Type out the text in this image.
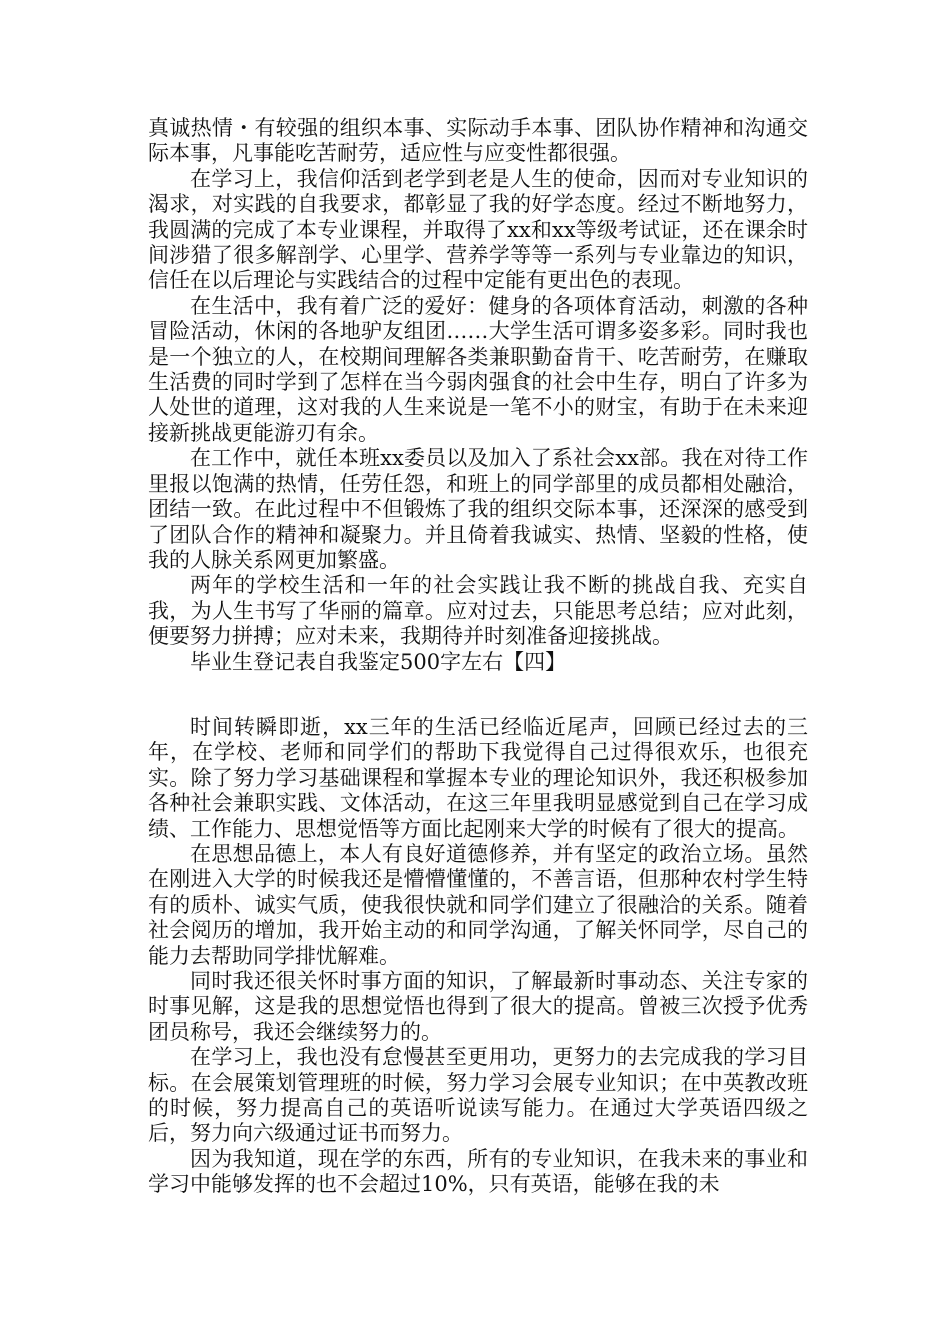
真诚热情・有较强的组织本事、实际动手本事、团队协作精神和沟通交际本事，凡事能吃苦耐劳，适应性与应变性都很强。

在学习上，我信仰活到老学到老是人生的使命，因而对专业知识的渴求，对实践的自我要求，都彰显了我的好学态度。经过不断地努力，我圆满的完成了本专业课程，并取得了xx和xx等级考试证，还在课余时间涉猎了很多解剖学、心里学、营养学等等一系列与专业靠边的知识，信任在以后理论与实践结合的过程中定能有更出色的表现。

在生活中，我有着广泛的爱好：健身的各项体育活动，刺激的各种冒险活动，休闲的各地驴友组团……大学生活可谓多姿多彩。同时我也是一个独立的人，在校期间理解各类兼职勤奋肯干、吃苦耐劳，在赚取生活费的同时学到了怎样在当今弱肉强食的社会中生存，明白了许多为人处世的道理，这对我的人生来说是一笔不小的财宝，有助于在未来迎接新挑战更能游刃有余。

在工作中，就任本班xx委员以及加入了系社会xx部。我在对待工作里报以饱满的热情，任劳任怨，和班上的同学部里的成员都相处融洽，团结一致。在此过程中不但锻炼了我的组织交际本事，还深深的感受到了团队合作的精神和凝聚力。并且倚着我诚实、热情、坚毅的性格，使我的人脉关系网更加繁盛。

两年的学校生活和一年的社会实践让我不断的挑战自我、充实自我，为人生书写了华丽的篇章。应对过去，只能思考总结；应对此刻，便要努力拼搏；应对未来，我期待并时刻准备迎接挑战。

毕业生登记表自我鉴定500字左右【四】

时间转瞬即逝，xx三年的生活已经临近尾声，回顾已经过去的三年，在学校、老师和同学们的帮助下我觉得自己过得很欢乐，也很充实。除了努力学习基础课程和掌握本专业的理论知识外，我还积极参加各种社会兼职实践、文体活动，在这三年里我明显感觉到自己在学习成绩、工作能力、思想觉悟等方面比起刚来大学的时候有了很大的提高。

在思想品德上，本人有良好道德修养，并有坚定的政治立场。虽然在刚进入大学的时候我还是懵懵懂懂的，不善言语，但那种农村学生特有的质朴、诚实气质，使我很快就和同学们建立了很融洽的关系。随着社会阅历的增加，我开始主动的和同学沟通，了解关怀同学，尽自己的能力去帮助同学排忧解难。

同时我还很关怀时事方面的知识，了解最新时事动态、关注专家的时事见解，这是我的思想觉悟也得到了很大的提高。曾被三次授予优秀团员称号，我还会继续努力的。

在学习上，我也没有怠慢甚至更用功，更努力的去完成我的学习目标。在会展策划管理班的时候，努力学习会展专业知识；在中英教改班的时候，努力提高自己的英语听说读写能力。在通过大学英语四级之后，努力向六级通过证书而努力。

因为我知道，现在学的东西，所有的专业知识，在我未来的事业和学习中能够发挥的也不会超过10%，只有英语，能够在我的未
